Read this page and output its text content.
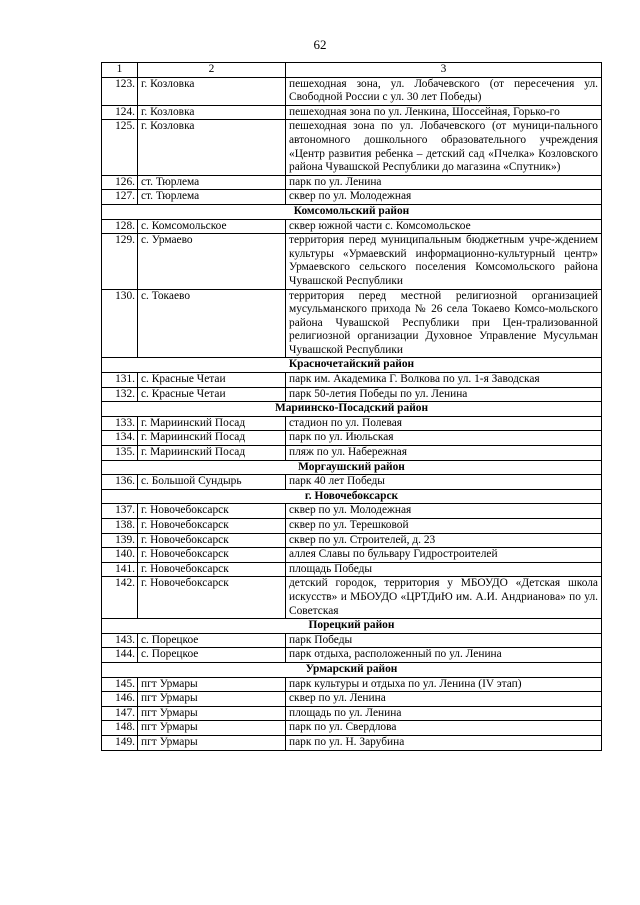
62
1	2	3
123.	г. Козловка	пешеходная зона, ул. Лобачевского (от пересечения ул. Свободной России с ул. 30 лет Победы)
124.	г. Козловка	пешеходная зона по ул. Ленкина, Шоссейная, Горько-го
125.	г. Козловка	пешеходная зона по ул. Лобачевского (от муници-пального автономного дошкольного образовательного учреждения «Центр развития ребенка – детский сад «Пчелка» Козловского района Чувашской Республики до магазина «Спутник»)
126.	ст. Тюрлема	парк по ул. Ленина
127.	ст. Тюрлема	сквер по ул. Молодежная
Комсомольский район		
128.	с. Комсомольское	сквер южной части с. Комсомольское
129.	с. Урмаево	территория перед муниципальным бюджетным учре-ждением культуры «Урмаевский информационно-культурный центр» Урмаевского сельского поселения Комсомольского района Чувашской Республики
130.	с. Токаево	территория перед местной религиозной организацией мусульманского прихода № 26 села Токаево Комсо-мольского района Чувашской Республики при Цен-трализованной религиозной организации Духовное Управление Мусульман Чувашской Республики
Красночетайский район		
131.	с. Красные Четаи	парк им. Академика Г. Волкова по ул. 1-я Заводская
132.	с. Красные Четаи	парк 50-летия Победы по ул. Ленина
Мариинско-Посадский район		
133.	г. Мариинский Посад	стадион по ул. Полевая
134.	г. Мариинский Посад	парк по ул. Июльская
135.	г. Мариинский Посад	пляж по ул. Набережная
Моргаушский район		
136.	с. Большой Сундырь	парк 40 лет Победы
г. Новочебоксарск		
137.	г. Новочебоксарск	сквер по ул. Молодежная
138.	г. Новочебоксарск	сквер по ул. Терешковой
139.	г. Новочебоксарск	сквер по ул. Строителей, д. 23
140.	г. Новочебоксарск	аллея Славы по бульвару Гидростроителей
141.	г. Новочебоксарск	площадь Победы
142.	г. Новочебоксарск	детский городок, территория у МБОУДО «Детская школа искусств» и МБОУДО «ЦРТДиЮ им. А.И. Андриановa» по ул. Советская
Порецкий район		
143.	с. Порецкое	парк Победы
144.	с. Порецкое	парк отдыха, расположенный по ул. Ленина
Урмарский район		
145.	пгт Урмары	парк культуры и отдыха по ул. Ленина (IV этап)
146.	пгт Урмары	сквер по ул. Ленина
147.	пгт Урмары	площадь по ул. Ленина
148.	пгт Урмары	парк по ул. Свердлова
149.	пгт Урмары	парк по ул. Н. Зарубина
